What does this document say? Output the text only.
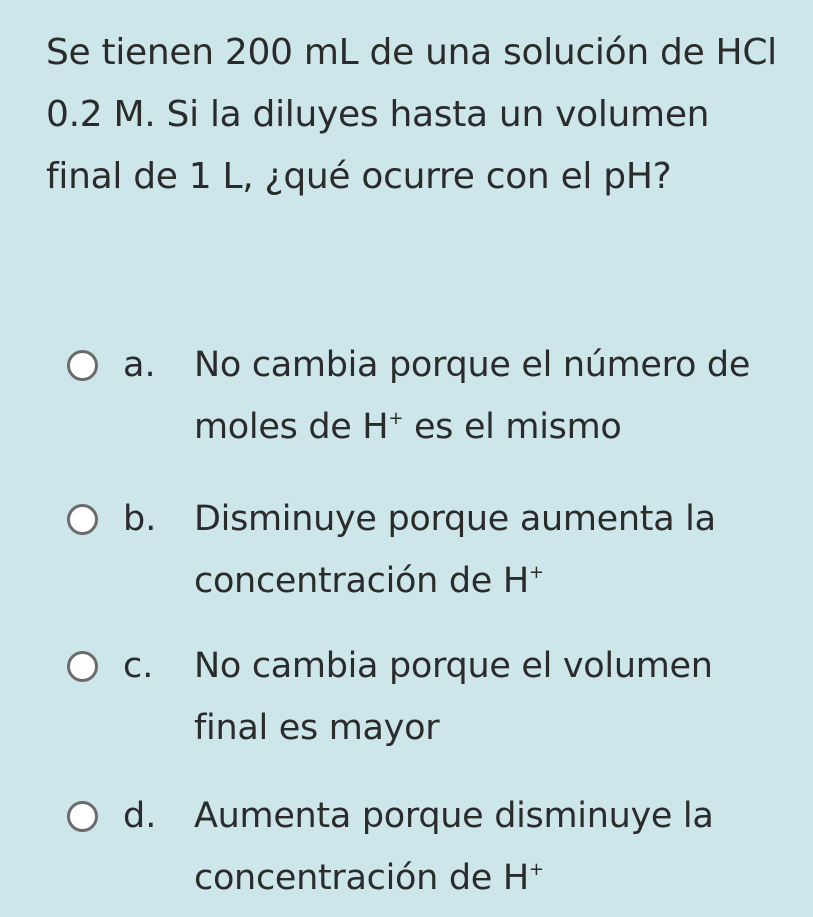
Se tienen 200 mL de una solución de HCl 0.2 M. Si la diluyes hasta un volumen final de 1 L, ¿qué ocurre con el pH?
a. No cambia porque el número de moles de H+ es el mismo
b. Disminuye porque aumenta la concentración de H+
c. No cambia porque el volumen final es mayor
d. Aumenta porque disminuye la concentración de H+
